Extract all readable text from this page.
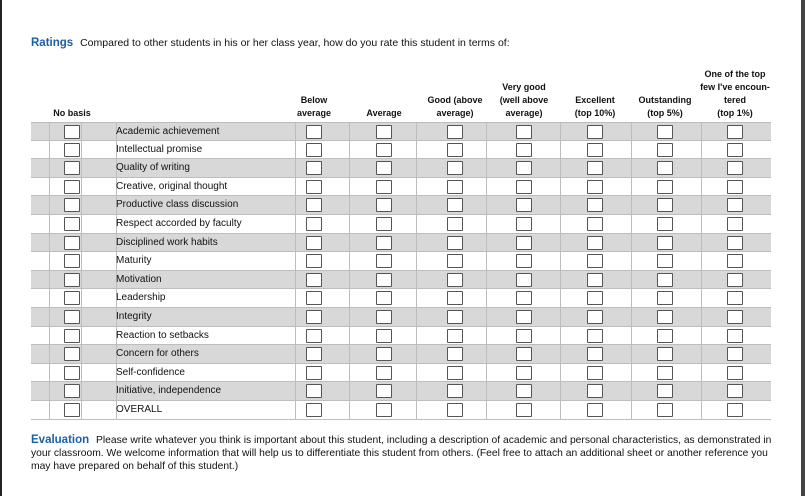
Ratings Compared to other students in his or her class year, how do you rate this student in terms of:
No basis
Below
average	Average
Good (above
average)
Very good
(well above
average)
Excellent
(top 10%)
Outstanding
(top 5%)
One of the top
few I've encoun-
tered
(top 1%)
Academic achievement
Intellectual promise
Quality of writing
Creative, original thought
Productive class discussion
Respect accorded by faculty
Disciplined work habits
Maturity
Motivation
Leadership
Integrity
Reaction to setbacks
Concern for others
Self-confidence
Initiative, independence
OVERALL
Evaluation Please write whatever you think is important about this student, including a description of academic and personal characteristics, as demonstrated in your classroom. We welcome information that will help us to differentiate this student from others. (Feel free to attach an additional sheet or another reference you may have prepared on behalf of this student.)
